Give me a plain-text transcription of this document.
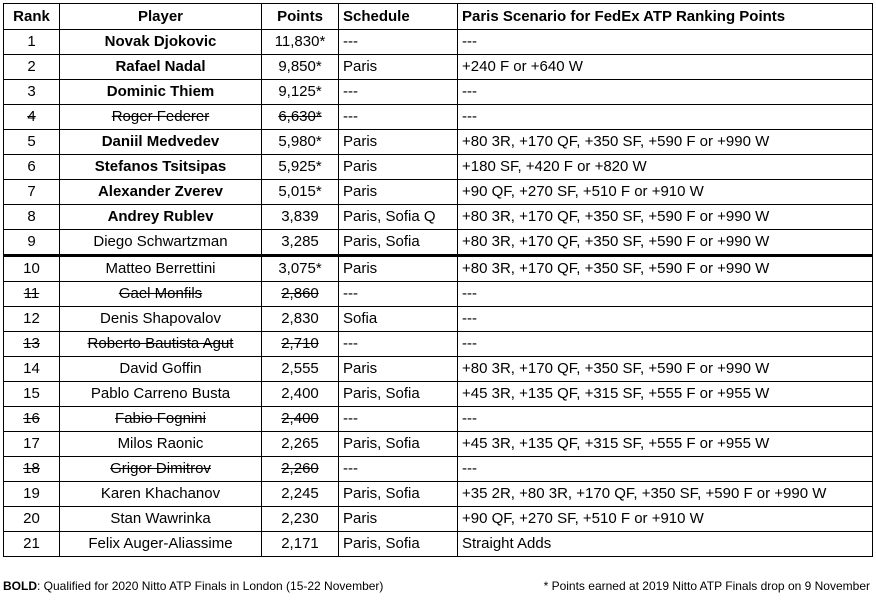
Rank	Player	Points	Schedule	Paris Scenario for FedEx ATP Ranking Points
1	Novak Djokovic	11,830*	---	---
2	Rafael Nadal	9,850*	Paris	+240 F or +640 W
3	Dominic Thiem	9,125*	---	---
4	Roger Federer	6,630*	---	---
5	Daniil Medvedev	5,980*	Paris	+80 3R, +170 QF, +350 SF, +590 F or +990 W
6	Stefanos Tsitsipas	5,925*	Paris	+180 SF, +420 F or +820 W
7	Alexander Zverev	5,015*	Paris	+90 QF, +270 SF, +510 F or +910 W
8	Andrey Rublev	3,839	Paris, Sofia Q	+80 3R, +170 QF, +350 SF, +590 F or +990 W
9	Diego Schwartzman	3,285	Paris, Sofia	+80 3R, +170 QF, +350 SF, +590 F or +990 W
10	Matteo Berrettini	3,075*	Paris	+80 3R, +170 QF, +350 SF, +590 F or +990 W
11	Gael Monfils	2,860	---	---
12	Denis Shapovalov	2,830	Sofia	---
13	Roberto Bautista Agut	2,710	---	---
14	David Goffin	2,555	Paris	+80 3R, +170 QF, +350 SF, +590 F or +990 W
15	Pablo Carreno Busta	2,400	Paris, Sofia	+45 3R, +135 QF, +315 SF, +555 F or +955 W
16	Fabio Fognini	2,400	---	---
17	Milos Raonic	2,265	Paris, Sofia	+45 3R, +135 QF, +315 SF, +555 F or +955 W
18	Grigor Dimitrov	2,260	---	---
19	Karen Khachanov	2,245	Paris, Sofia	+35 2R, +80 3R, +170 QF, +350 SF, +590 F or +990 W
20	Stan Wawrinka	2,230	Paris	+90 QF, +270 SF, +510 F or +910 W
21	Felix Auger-Aliassime	2,171	Paris, Sofia	Straight Adds
BOLD: Qualified for 2020 Nitto ATP Finals in London (15-22 November)	* Points earned at 2019 Nitto ATP Finals drop on 9 November
